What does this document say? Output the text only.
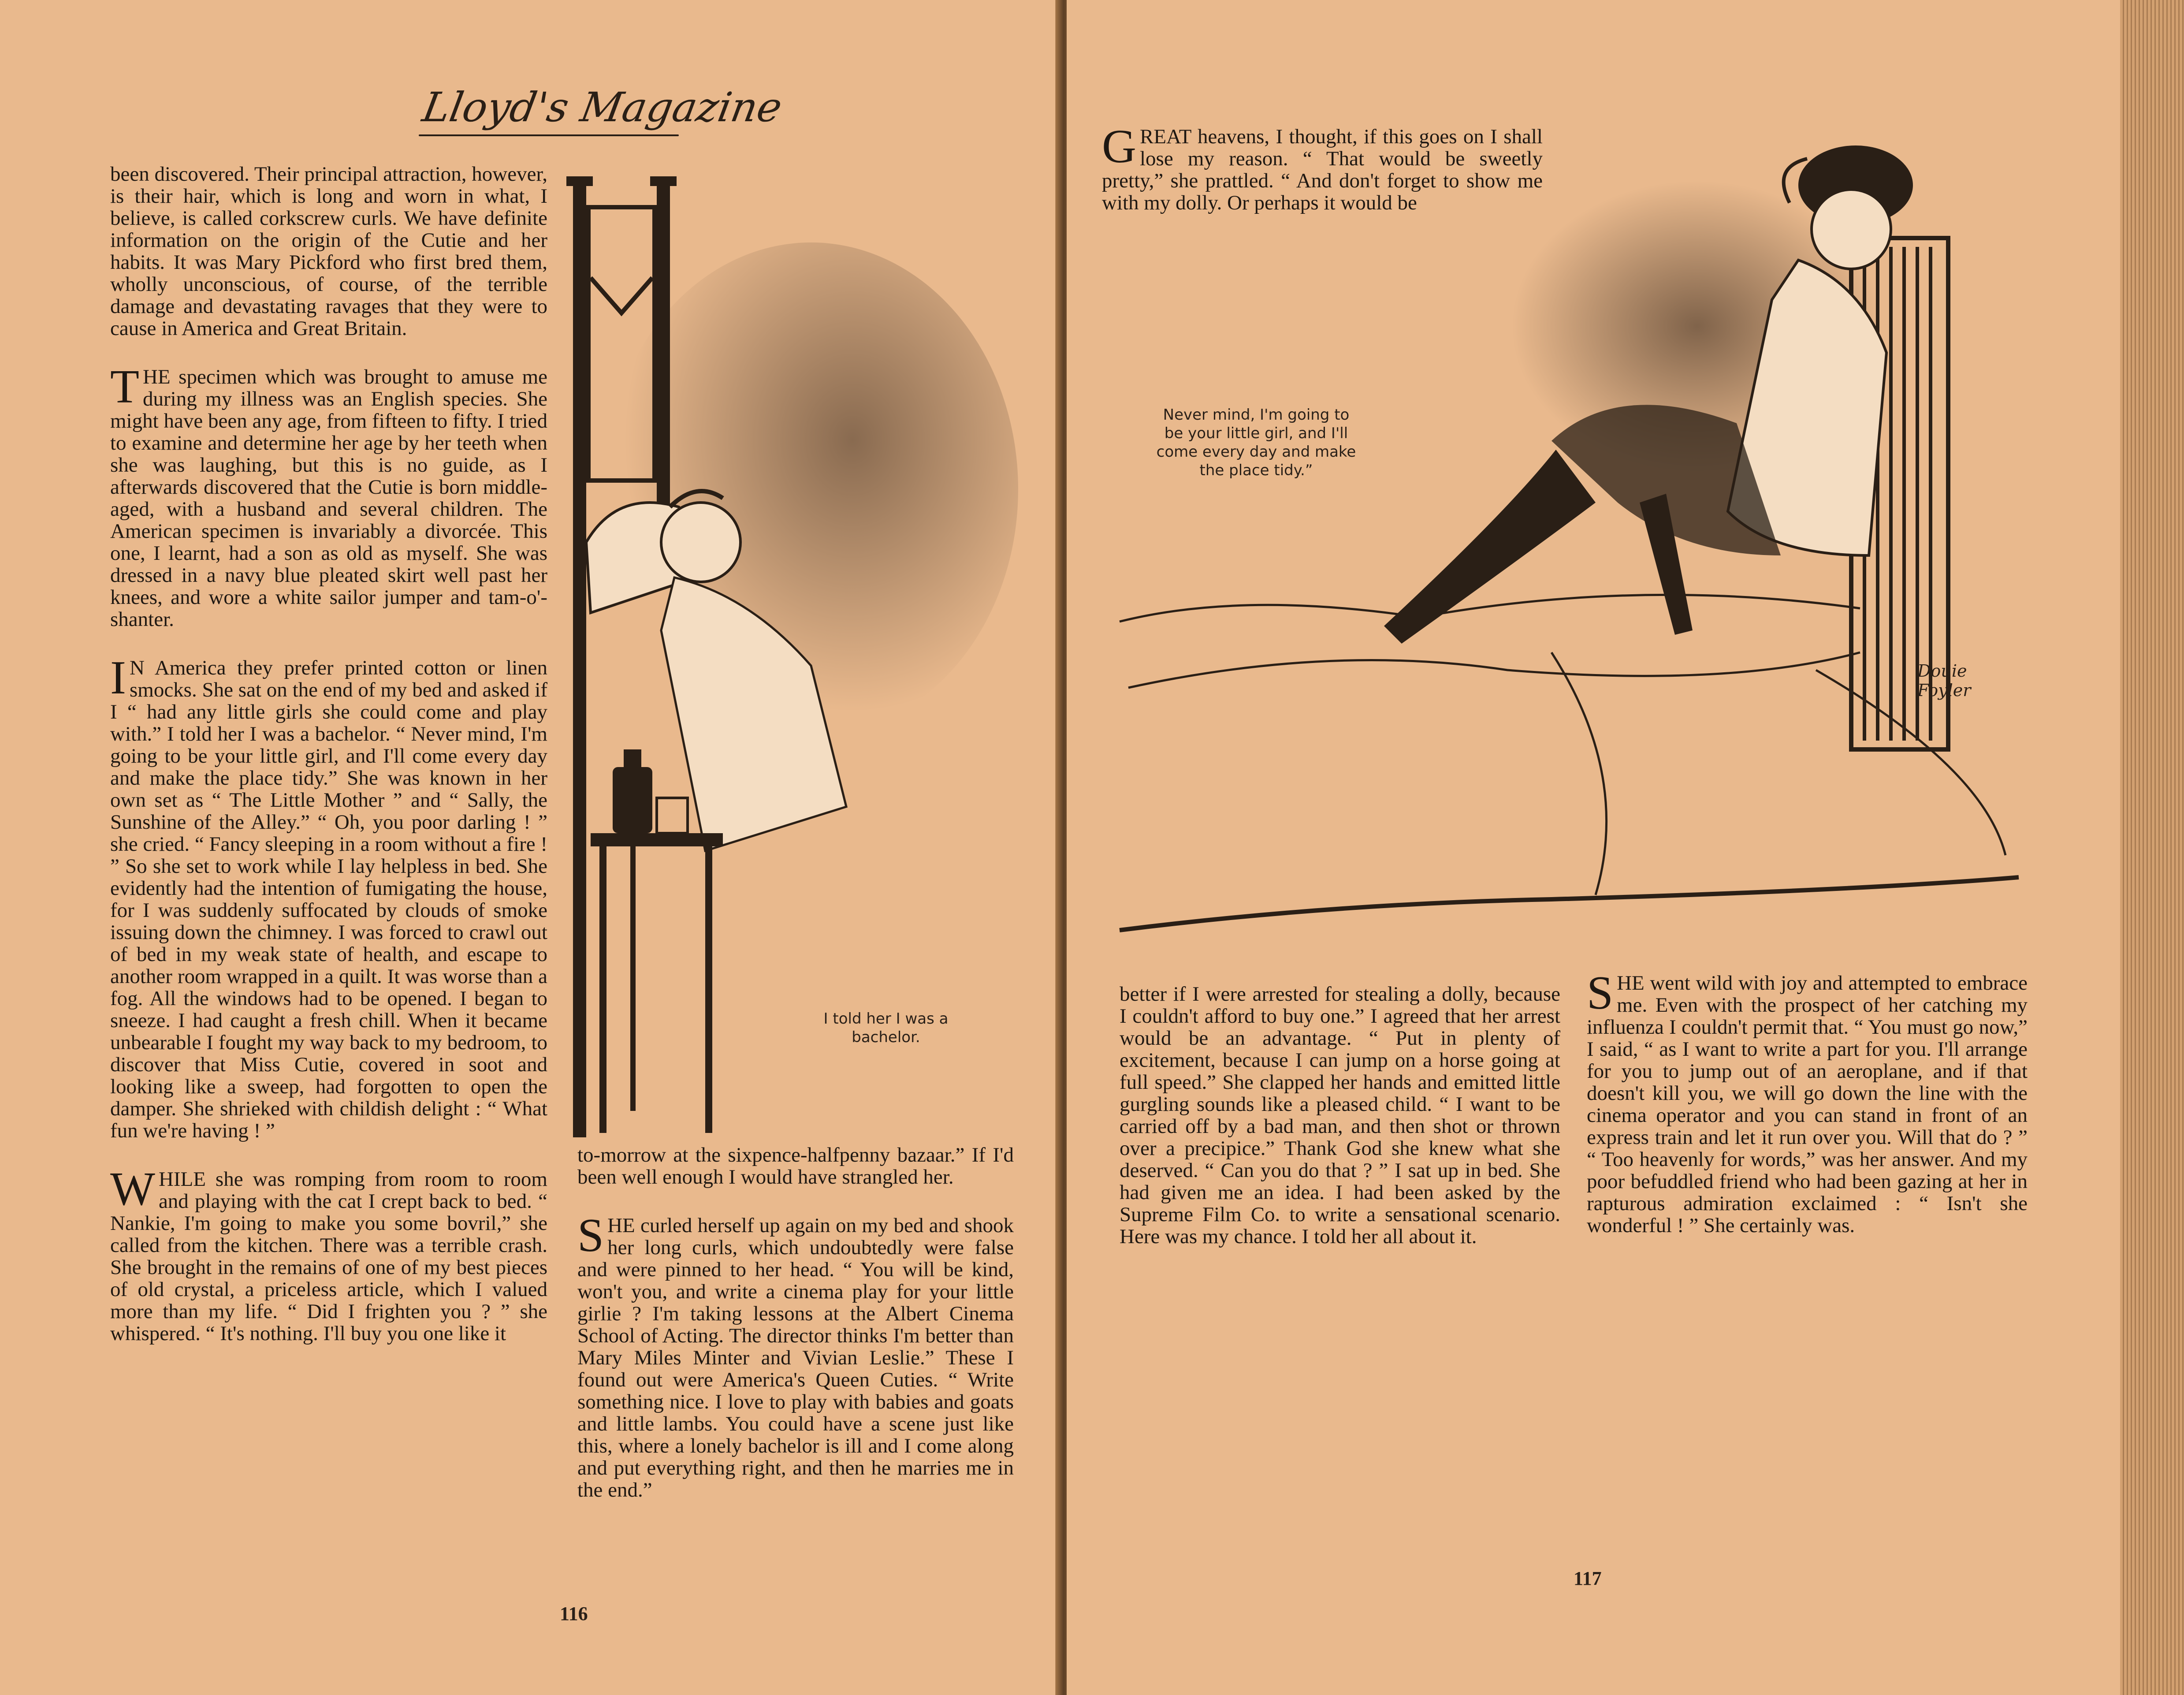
Lloyd's Magazine

been discovered. Their principal attraction, however, is their hair, which is long and worn in what, I believe, is called corkscrew curls. We have definite information on the origin of the Cutie and her habits. It was Mary Pickford who first bred them, wholly unconscious, of course, of the terrible damage and devastating ravages that they were to cause in America and Great Britain.

THE specimen which was brought to amuse me during my illness was an English species. She might have been any age, from fifteen to fifty. I tried to examine and determine her age by her teeth when she was laughing, but this is no guide, as I afterwards discovered that the Cutie is born middle-aged, with a husband and several children. The American specimen is invariably a divorcée. This one, I learnt, had a son as old as myself. She was dressed in a navy blue pleated skirt well past her knees, and wore a white sailor jumper and tam-o'-shanter.

I N America they prefer printed cotton or linen smocks. She sat on the end of my bed and asked if I “ had any little girls she could come and play with.” I told her I was a bachelor. “ Never mind, I'm going to be your little girl, and I'll come every day and make the place tidy.” She was known in her own set as “ The Little Mother ” and “ Sally, the Sunshine of the Alley.” “ Oh, you poor darling ! ” she cried. “ Fancy sleeping in a room without a fire ! ” So she set to work while I lay helpless in bed. She evidently had the intention of fumigating the house, for I was suddenly suffocated by clouds of smoke issuing down the chimney. I was forced to crawl out of bed in my weak state of health, and escape to another room wrapped in a quilt. It was worse than a fog. All the windows had to be opened. I began to sneeze. I had caught a fresh chill. When it became unbearable I fought my way back to my bedroom, to discover that Miss Cutie, covered in soot and looking like a sweep, had forgotten to open the damper. She shrieked with childish delight : “ What fun we're having ! ”

WHILE she was romping from room to room and playing with the cat I crept back to bed. “ Nankie, I'm going to make you some bovril,” she called from the kitchen. There was a terrible crash. She brought in the remains of one of my best pieces of old crystal, a priceless article, which I valued more than my life. “ Did I frighten you ? ” she whispered. “ It's nothing. I'll buy you one like it

I told her I was a bachelor.

to-morrow at the sixpence-halfpenny bazaar.” If I'd been well enough I would have strangled her.

SHE curled herself up again on my bed and shook her long curls, which undoubtedly were false and were pinned to her head. “ You will be kind, won't you, and write a cinema play for your little girlie ? I'm taking lessons at the Albert Cinema School of Acting. The director thinks I'm better than Mary Miles Minter and Vivian Leslie.” These I found out were America's Queen Cuties. “ Write something nice. I love to play with babies and goats and little lambs. You could have a scene just like this, where a lonely bachelor is ill and I come along and put everything right, and then he marries me in the end.”

116

GREAT heavens, I thought, if this goes on I shall lose my reason. “ That would be sweetly pretty,” she prattled. “ And don't forget to show me with my dolly. Or perhaps it would be

Never mind, I'm going to be your little girl, and I'll come every day and make the place tidy.”
Douie Foyler

better if I were arrested for stealing a dolly, because I couldn't afford to buy one.” I agreed that her arrest would be an advantage. “ Put in plenty of excitement, because I can jump on a horse going at full speed.” She clapped her hands and emitted little gurgling sounds like a pleased child. “ I want to be carried off by a bad man, and then shot or thrown over a precipice.” Thank God she knew what she deserved. “ Can you do that ? ” I sat up in bed. She had given me an idea. I had been asked by the Supreme Film Co. to write a sensational scenario. Here was my chance. I told her all about it.

SHE went wild with joy and attempted to embrace me. Even with the prospect of her catching my influenza I couldn't permit that. “ You must go now,” I said, “ as I want to write a part for you. I'll arrange for you to jump out of an aeroplane, and if that doesn't kill you, we will go down the line with the cinema operator and you can stand in front of an express train and let it run over you. Will that do ? ” “ Too heavenly for words,” was her answer. And my poor befuddled friend who had been gazing at her in rapturous admiration exclaimed : “ Isn't she wonderful ! ” She certainly was.

117
